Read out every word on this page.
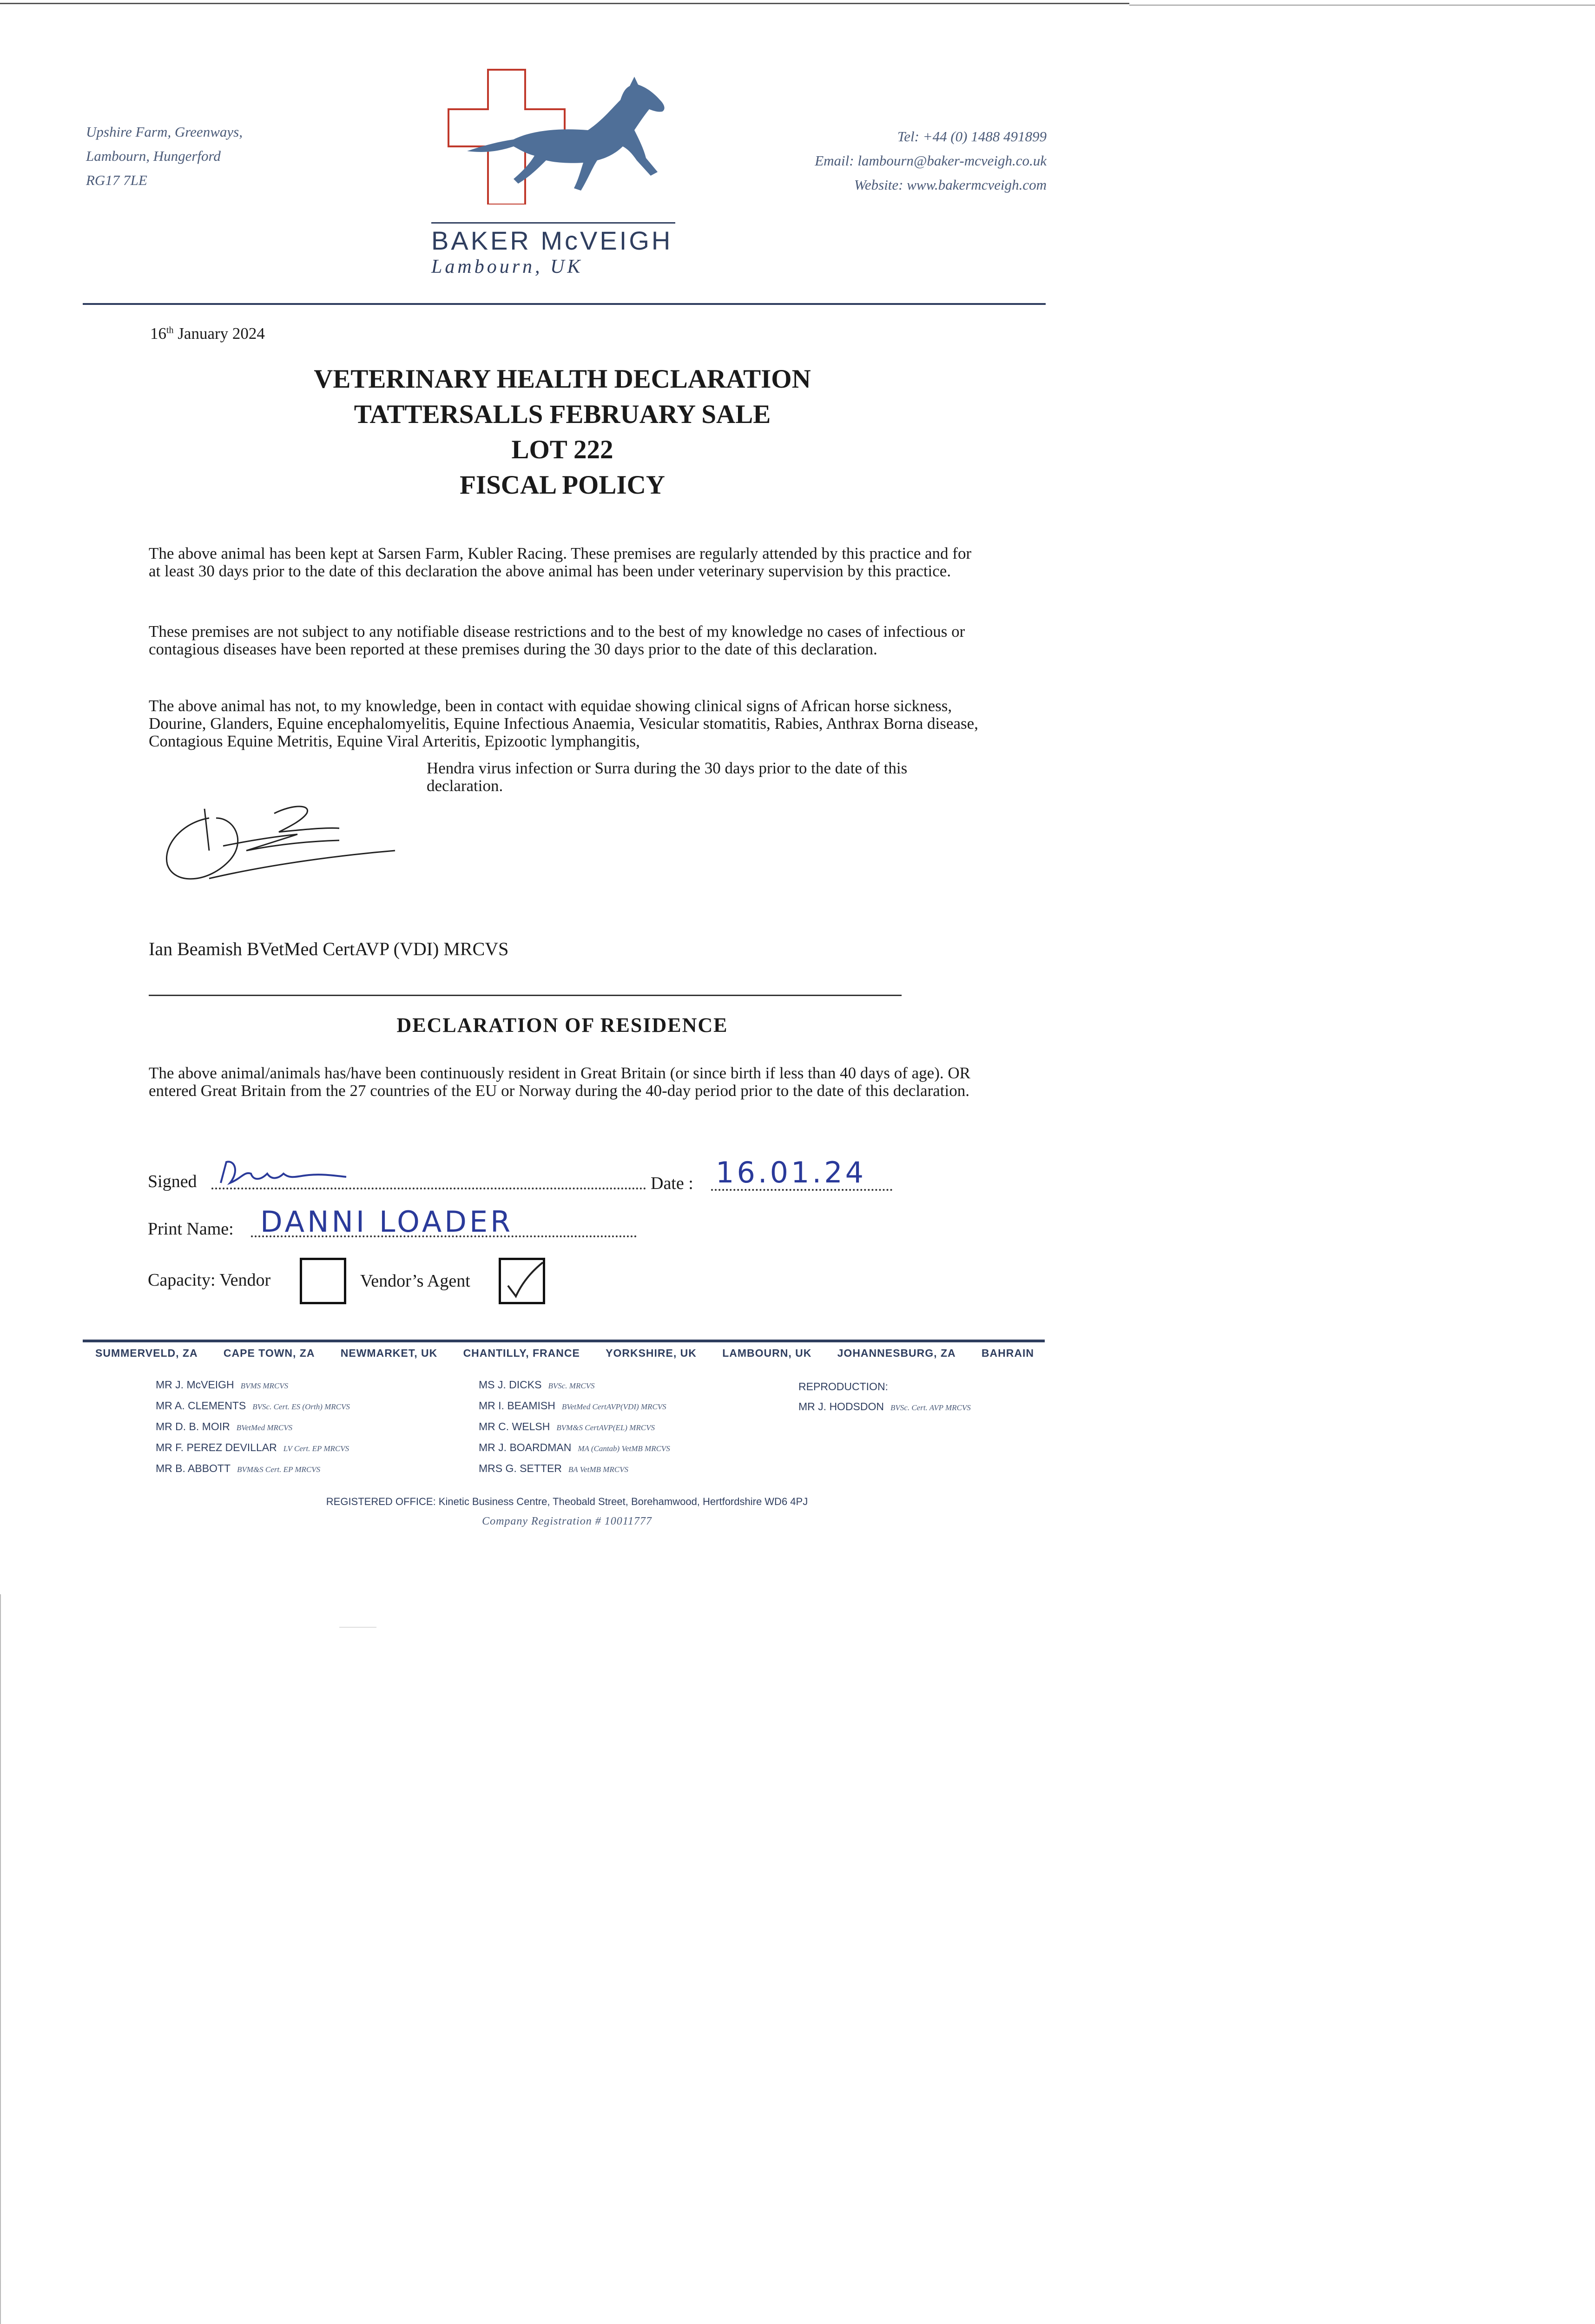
Upshire Farm, Greenways,
Lambourn, Hungerford
RG17 7LE
BAKER McVEIGH
Lambourn, UK
Tel: +44 (0) 1488 491899
Email: lambourn@baker-mcveigh.co.uk
Website: www.bakermcveigh.com
16th January 2024
VETERINARY HEALTH DECLARATION
TATTERSALLS FEBRUARY SALE
LOT 222
FISCAL POLICY
The above animal has been kept at Sarsen Farm, Kubler Racing. These premises are regularly attended by this practice and for at least 30 days prior to the date of this declaration the above animal has been under veterinary supervision by this practice.
These premises are not subject to any notifiable disease restrictions and to the best of my knowledge no cases of infectious or contagious diseases have been reported at these premises during the 30 days prior to the date of this declaration.
The above animal has not, to my knowledge, been in contact with equidae showing clinical signs of African horse sickness, Dourine, Glanders, Equine encephalomyelitis, Equine Infectious Anaemia, Vesicular stomatitis, Rabies, Anthrax Borna disease, Contagious Equine Metritis, Equine Viral Arteritis, Epizootic lymphangitis,
Hendra virus infection or Surra during the 30 days prior to the date of this declaration.
Ian Beamish BVetMed CertAVP (VDI) MRCVS
DECLARATION OF RESIDENCE
The above animal/animals has/have been continuously resident in Great Britain (or since birth if less than 40 days of age). OR entered Great Britain from the 27 countries of the EU or Norway during the 40-day period prior to the date of this declaration.
Signed	Date : 16.01.24
Print Name: DANNI LOADER
Capacity: Vendor	Vendor’s Agent
SUMMERVELD, ZA CAPE TOWN, ZA NEWMARKET, UK CHANTILLY, FRANCE YORKSHIRE, UK LAMBOURN, UK JOHANNESBURG, ZA BAHRAIN
MR J. McVEIGH BVMS MRCVS
MR A. CLEMENTS BVSc. Cert. ES (Orth) MRCVS
MR D. B. MOIR BVetMed MRCVS
MR F. PEREZ DEVILLAR LV Cert. EP MRCVS
MR B. ABBOTT BVM&S Cert. EP MRCVS
MS J. DICKS BVSc. MRCVS
MR I. BEAMISH BVetMed CertAVP(VDI) MRCVS
MR C. WELSH BVM&S CertAVP(EL) MRCVS
MR J. BOARDMAN MA (Cantab) VetMB MRCVS
MRS G. SETTER BA VetMB MRCVS
REPRODUCTION:
MR J. HODSDON BVSc. Cert. AVP MRCVS
REGISTERED OFFICE: Kinetic Business Centre, Theobald Street, Borehamwood, Hertfordshire WD6 4PJ
Company Registration # 10011777
